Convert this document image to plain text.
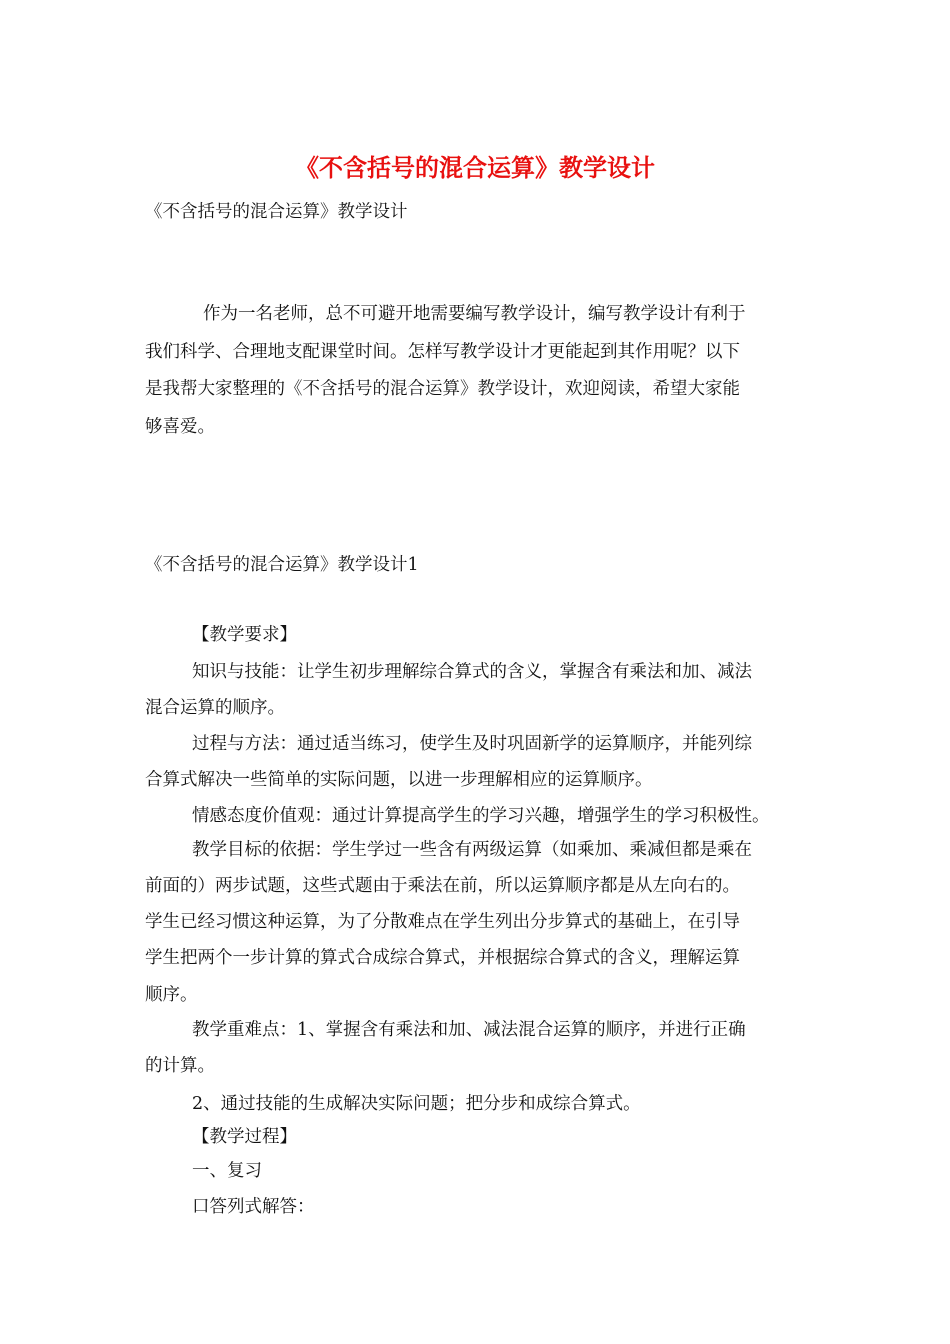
《不含括号的混合运算》教学设计
《不含括号的混合运算》教学设计
作为一名老师，总不可避开地需要编写教学设计，编写教学设计有利于
我们科学、合理地支配课堂时间。怎样写教学设计才更能起到其作用呢？以下
是我帮大家整理的《不含括号的混合运算》教学设计，欢迎阅读，希望大家能
够喜爱。
《不含括号的混合运算》教学设计1
【教学要求】
知识与技能：让学生初步理解综合算式的含义，掌握含有乘法和加、减法
混合运算的顺序。
过程与方法：通过适当练习，使学生及时巩固新学的运算顺序，并能列综
合算式解决一些简单的实际问题，以进一步理解相应的运算顺序。
情感态度价值观：通过计算提高学生的学习兴趣，增强学生的学习积极性。
教学目标的依据：学生学过一些含有两级运算（如乘加、乘减但都是乘在
前面的）两步试题，这些式题由于乘法在前，所以运算顺序都是从左向右的。
学生已经习惯这种运算，为了分散难点在学生列出分步算式的基础上，在引导
学生把两个一步计算的算式合成综合算式，并根据综合算式的含义，理解运算
顺序。
教学重难点：1、掌握含有乘法和加、减法混合运算的顺序，并进行正确
的计算。
2、通过技能的生成解决实际问题；把分步和成综合算式。
【教学过程】
一、复习
口答列式解答：
